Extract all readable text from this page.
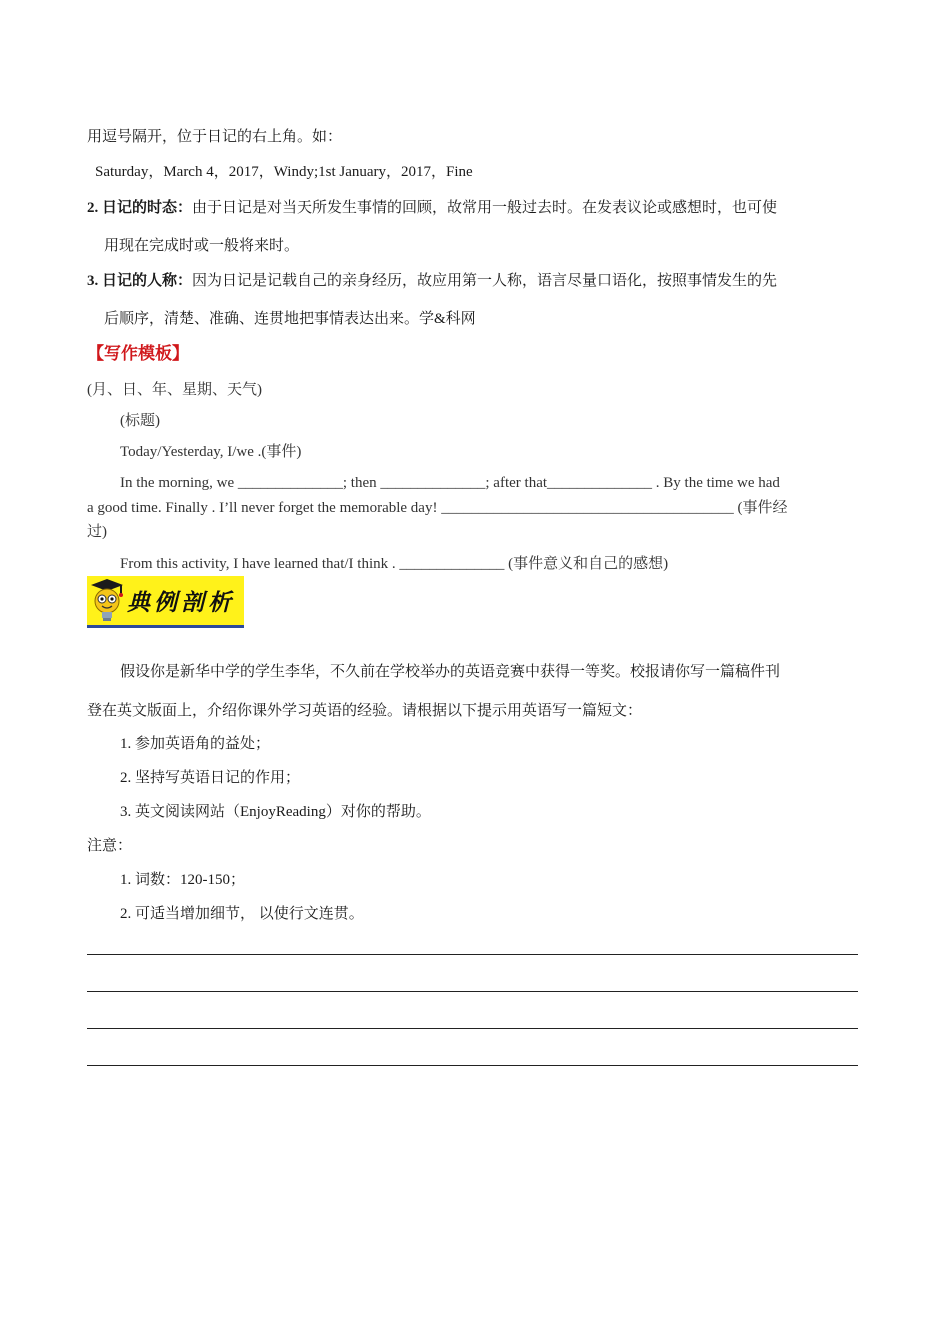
用逗号隔开，位于日记的右上角。如：
Saturday，March 4，2017，Windy;1st January，2017，Fine
2. 日记的时态：由于日记是对当天所发生事情的回顾，故常用一般过去时。在发表议论或感想时，也可使
用现在完成时或一般将来时。
3. 日记的人称：因为日记是记载自己的亲身经历，故应用第一人称，语言尽量口语化，按照事情发生的先
后顺序，清楚、准确、连贯地把事情表达出来。学&科网
【写作模板】
(月、日、年、星期、天气)
(标题)
Today/Yesterday, I/we .(事件)
In the morning, we ______________; then ______________; after that______________ . By the time we had
a good time. Finally . I’ll never forget the memorable day! _______________________________________ (事件经
过)
From this activity, I have learned that/I think . ______________ (事件意义和自己的感想)
典例剖析
假设你是新华中学的学生李华，不久前在学校举办的英语竞赛中获得一等奖。校报请你写一篇稿件刊
登在英文版面上，介绍你课外学习英语的经验。请根据以下提示用英语写一篇短文：
1. 参加英语角的益处；
2. 坚持写英语日记的作用；
3. 英文阅读网站（EnjoyReading）对你的帮助。
注意：
1. 词数：120-150；
2. 可适当增加细节， 以使行文连贯。
